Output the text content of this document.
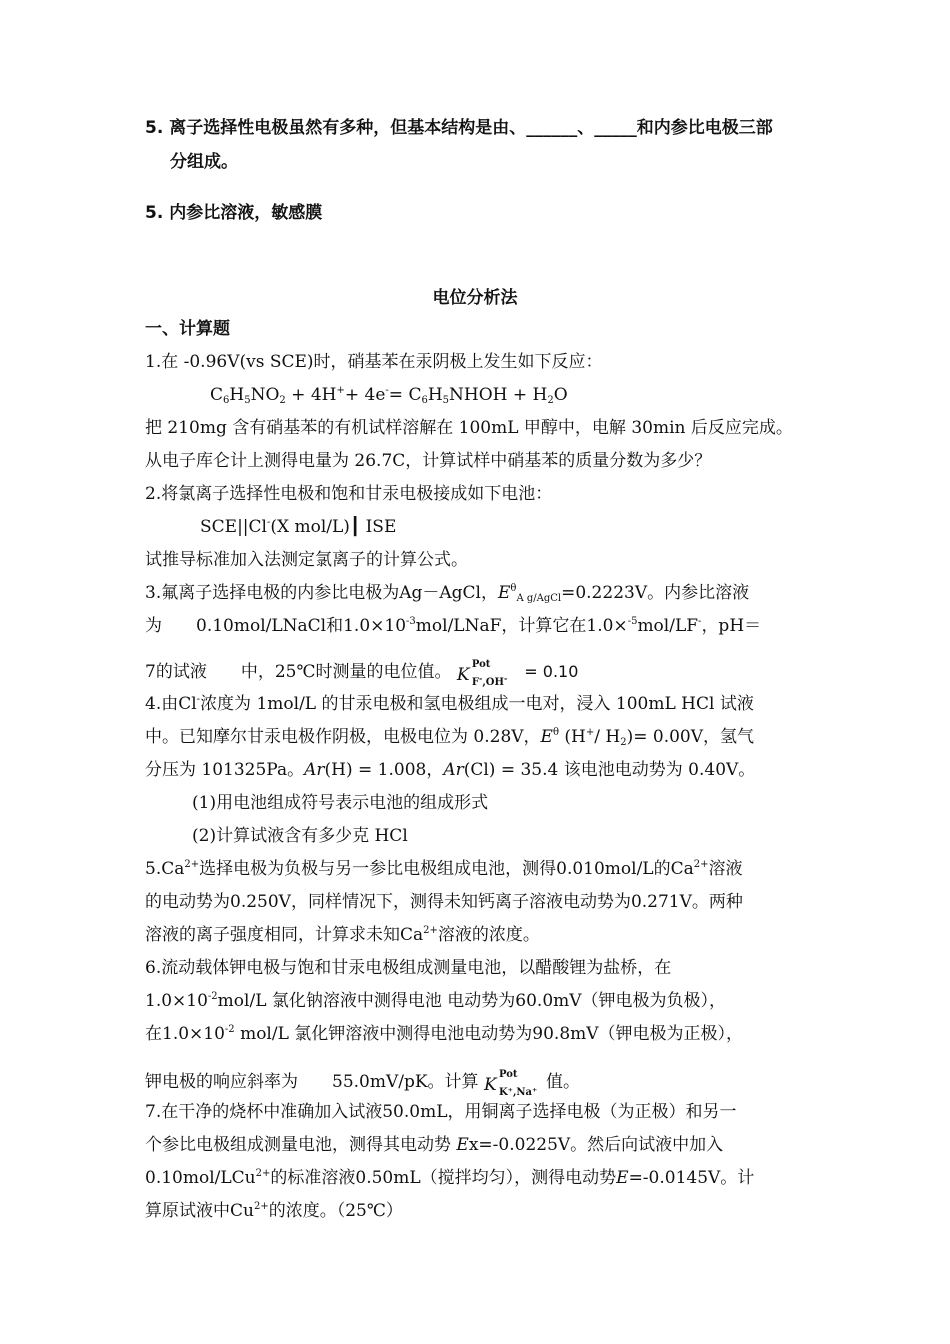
5. 离子选择性电极虽然有多种，但基本结构是由、______、_____和内参比电极三部
分组成。
5. 内参比溶液，敏感膜
电位分析法
一、计算题
1.在 -0.96V(vs SCE)时，硝基苯在汞阴极上发生如下反应：
$C_6H_5NO_2 + 4H^++ 4e^-=$ $C_6H_5NHOH + H_2O$
把 210mg 含有硝基苯的有机试样溶解在 100mL 甲醇中，电解 30min 后反应完成。
从电子库仑计上测得电量为 26.7C，计算试样中硝基苯的质量分数为多少？
2.将氯离子选择性电极和饱和甘汞电极接成如下电池：
SCE||Cl-(X mol/L)┃ ISE
试推导标准加入法测定氯离子的计算公式。
3.氟离子选择电极的内参比电极为Ag－AgCl，$E^\theta_{A g/AgCl}=0.2223V$。内参比溶液
为　　0.10mol/LNaCl和$1.0\times 10^{-3}mol$/LNaF，计算它在1.0×$^{-5}$mol/LF-，pH＝
7的试液　　中，25℃时测量的电位值。 K
Pot
F-,OH- = 0.10
4.由Cl-浓度为 1mol/L 的甘汞电极和氢电极组成一电对，浸入 100mL HCl 试液
中。已知摩尔甘汞电极作阴极，电极电位为 0.28V，$E^\theta$ (H+/ $H_2)= 0.00V$，氢气
分压为 101325Pa。Ar(H) = 1.008，Ar(Cl) = 35.4 该电池电动势为 0.40V。
(1)用电池组成符号表示电池的组成形式
(2)计算试液含有多少克 HCl
$5.Ca^{2+}$选择电极为负极与另一参比电极组成电池，测得0.010mol/L的$Ca^{2+}$溶液
的电动势为0.250V，同样情况下，测得未知钙离子溶液电动势为0.271V。两种
溶液的离子强度相同，计算求未知$Ca^{2+}$溶液的浓度。
6.流动载体钾电极与饱和甘汞电极组成测量电池，以醋酸锂为盐桥，在
$1.0\times 10^{-2}mol/L$ 氯化钠溶液中测得电池 电动势为60.0mV（钾电极为负极），
在$1.0\times 10^{-2}$ mol/L 氯化钾溶液中测得电池电动势为90.8mV（钾电极为正极），
钾电极的响应斜率为　　55.0mV/pK。计算 K
Pot
K⁺,Na⁺
值。
7.在干净的烧杯中准确加入试液50.0mL，用铜离子选择电极（为正极）和另一
个参比电极组成测量电池，测得其电动势 Ex=-0.0225V。然后向试液中加入
0.10mol/LCu$^{2+}$的标准溶液0.50mL（搅拌均匀），测得电动势E=-0.0145V。计
算原试液中$Cu^{2+}$的浓度。（25℃）
